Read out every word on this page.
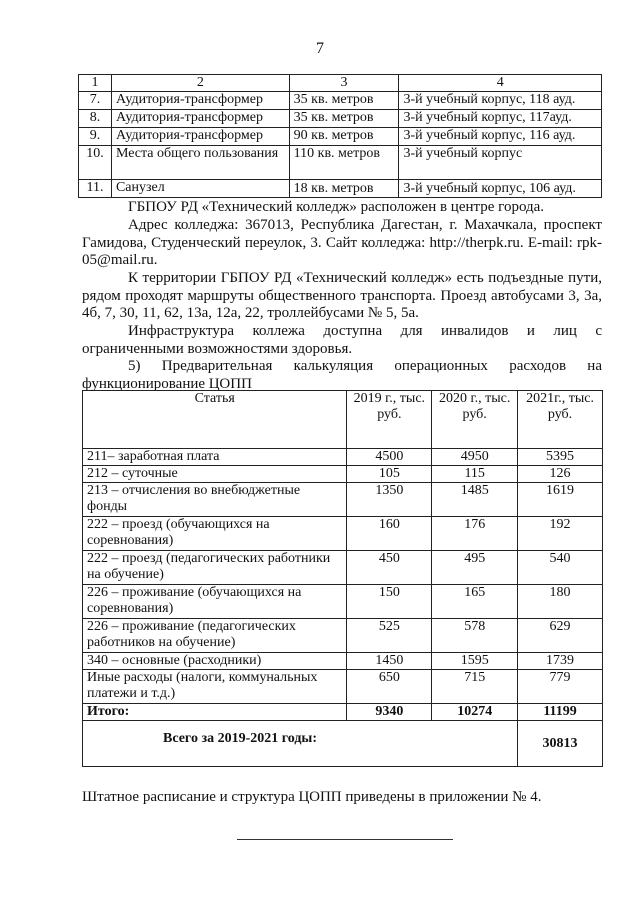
7
1	2	3	4
7.	Аудитория-трансформер	35 кв. метров	3-й учебный корпус, 118 ауд.
8.	Аудитория-трансформер	35 кв. метров	3-й учебный корпус, 117ауд.
9.	Аудитория-трансформер	90 кв. метров	3-й учебный корпус, 116 ауд.
10.	Места общего пользования	110 кв. метров	3-й учебный корпус
11.	Санузел	18 кв. метров	3-й учебный корпус, 106 ауд.
ГБПОУ РД «Технический колледж» расположен в центре города.
Адрес колледжа: 367013, Республика Дагестан, г. Махачкала, проспект Гамидова, Студенческий переулок, 3. Сайт колледжа: http://therpk.ru. E-mail: rpk-05@mail.ru.
К территории ГБПОУ РД «Технический колледж» есть подъездные пути, рядом проходят маршруты общественного транспорта. Проезд автобусами 3, 3а, 4б, 7, 30, 11, 62, 13а, 12а, 22, троллейбусами № 5, 5а.
Инфраструктура коллежа доступна для инвалидов и лиц с ограниченными возможностями здоровья.
5) Предварительная калькуляция операционных расходов на функционирование ЦОПП
Статья	2019 г., тыс. руб.	2020 г., тыс. руб.	2021г., тыс. руб.
211– заработная плата	4500	4950	5395
212 – суточные	105	115	126
213 – отчисления во внебюджетные фонды	1350	1485	1619
222 – проезд (обучающихся на соревнования)	160	176	192
222 – проезд (педагогических работники на обучение)	450	495	540
226 – проживание (обучающихся на соревнования)	150	165	180
226 – проживание (педагогических работников на обучение)	525	578	629
340 – основные (расходники)	1450	1595	1739
Иные расходы (налоги, коммунальных платежи и т.д.)	650	715	779
Итого:	9340	10274	11199
Всего за 2019-2021 годы:			30813
Штатное расписание и структура ЦОПП приведены в приложении № 4.
